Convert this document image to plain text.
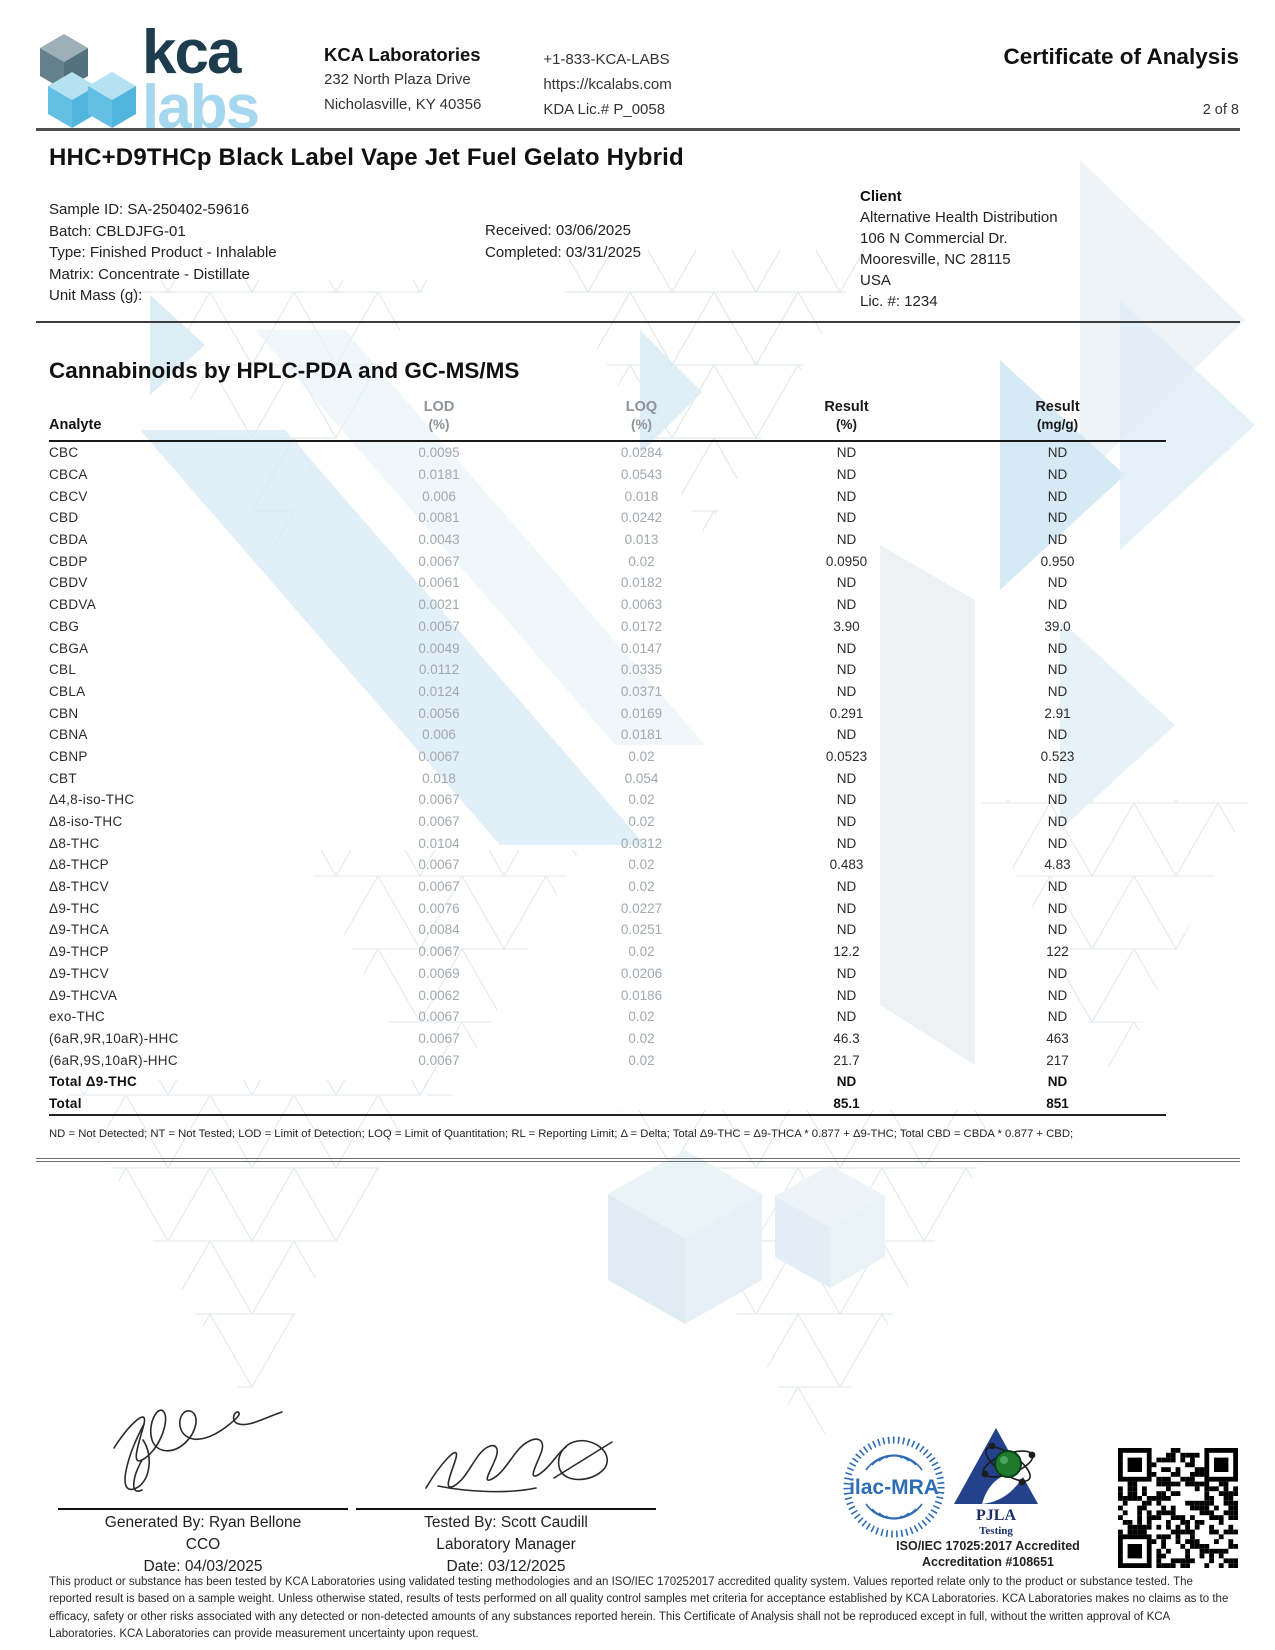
kca
labs
KCA Laboratories
232 North Plaza Drive
Nicholasville, KY 40356
+1-833-KCA-LABS
https://kcalabs.com
KDA Lic.# P_0058
Certificate of Analysis
2 of 8
HHC+D9THCp Black Label Vape Jet Fuel Gelato Hybrid
Sample ID: SA-250402-59616
Batch: CBLDJFG-01
Type: Finished Product - Inhalable
Matrix: Concentrate - Distillate
Unit Mass (g):
Received: 03/06/2025
Completed: 03/31/2025
Client
Alternative Health Distribution
106 N Commercial Dr.
Mooresville, NC 28115
USA
Lic. #: 1234
Cannabinoids by HPLC-PDA and GC-MS/MS
Analyte

LOD
(%)

LOQ
(%)

Result
(%)

Result
(mg/g)

CBC	0.0095	0.0284	ND	ND
CBCA	0.0181	0.0543	ND	ND
CBCV	0.006	0.018	ND	ND
CBD	0.0081	0.0242	ND	ND
CBDA	0.0043	0.013	ND	ND
CBDP	0.0067	0.02	0.0950	0.950
CBDV	0.0061	0.0182	ND	ND
CBDVA	0.0021	0.0063	ND	ND
CBG	0.0057	0.0172	3.90	39.0
CBGA	0.0049	0.0147	ND	ND
CBL	0.0112	0.0335	ND	ND
CBLA	0.0124	0.0371	ND	ND
CBN	0.0056	0.0169	0.291	2.91
CBNA	0.006	0.0181	ND	ND
CBNP	0.0067	0.02	0.0523	0.523
CBT	0.018	0.054	ND	ND
Δ4,8-iso-THC	0.0067	0.02	ND	ND
Δ8-iso-THC	0.0067	0.02	ND	ND
Δ8-THC	0.0104	0.0312	ND	ND
Δ8-THCP	0.0067	0.02	0.483	4.83
Δ8-THCV	0.0067	0.02	ND	ND
Δ9-THC	0.0076	0.0227	ND	ND
Δ9-THCA	0.0084	0.0251	ND	ND
Δ9-THCP	0.0067	0.02	12.2	122
Δ9-THCV	0.0069	0.0206	ND	ND
Δ9-THCVA	0.0062	0.0186	ND	ND
exo-THC	0.0067	0.02	ND	ND
(6aR,9R,10aR)-HHC	0.0067	0.02	46.3	463
(6aR,9S,10aR)-HHC	0.0067	0.02	21.7	217
Total Δ9-THC			ND	ND
Total			85.1	851
ND = Not Detected; NT = Not Tested; LOD = Limit of Detection; LOQ = Limit of Quantitation; RL = Reporting Limit; Δ = Delta; Total Δ9-THC = Δ9-THCA * 0.877 + Δ9-THC; Total CBD = CBDA * 0.877 + CBD;
Generated By: Ryan Bellone
CCO
Date: 04/03/2025
Tested By: Scott Caudill
Laboratory Manager
Date: 03/12/2025
ilac-MRA
PJLA
Testing
ISO/IEC 17025:2017 Accredited
Accreditation #108651
This product or substance has been tested by KCA Laboratories using validated testing methodologies and an ISO/IEC 170252017 accredited quality system. Values reported relate only to the product or substance tested. The reported result is based on a sample weight. Unless otherwise stated, results of tests performed on all quality control samples met criteria for acceptance established by KCA Laboratories. KCA Laboratories makes no claims as to the efficacy, safety or other risks associated with any detected or non-detected amounts of any substances reported herein. This Certificate of Analysis shall not be reproduced except in full, without the written approval of KCA Laboratories. KCA Laboratories can provide measurement uncertainty upon request.
